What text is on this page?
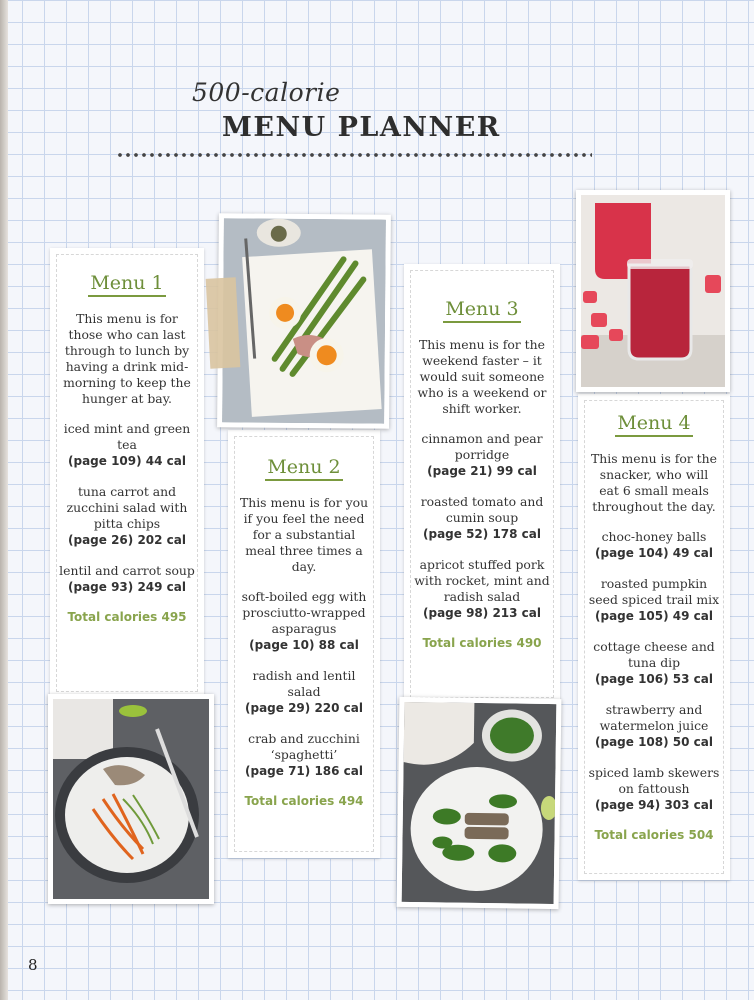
500-calorie
MENU PLANNER
Menu 1
This menu is for those who can last through to lunch by having a drink mid-morning to keep the hunger at bay.
iced mint and green tea
(page 109) 44 cal
tuna carrot and zucchini salad with pitta chips
(page 26) 202 cal
lentil and carrot soup
(page 93) 249 cal
Total calories 495
Menu 2
This menu is for you if you feel the need for a substantial meal three times a day.
soft-boiled egg with prosciutto-wrapped asparagus
(page 10) 88 cal
radish and lentil salad
(page 29) 220 cal
crab and zucchini ‘spaghetti’
(page 71) 186 cal
Total calories 494
Menu 3
This menu is for the weekend faster – it would suit someone who is a weekend or shift worker.
cinnamon and pear porridge
(page 21) 99 cal
roasted tomato and cumin soup
(page 52) 178 cal
apricot stuffed pork with rocket, mint and radish salad
(page 98) 213 cal
Total calories 490
Menu 4
This menu is for the snacker, who will eat 6 small meals throughout the day.
choc-honey balls
(page 104) 49 cal
roasted pumpkin seed spiced trail mix
(page 105) 49 cal
cottage cheese and tuna dip
(page 106) 53 cal
strawberry and watermelon juice
(page 108) 50 cal
spiced lamb skewers on fattoush
(page 94) 303 cal
Total calories 504
8
